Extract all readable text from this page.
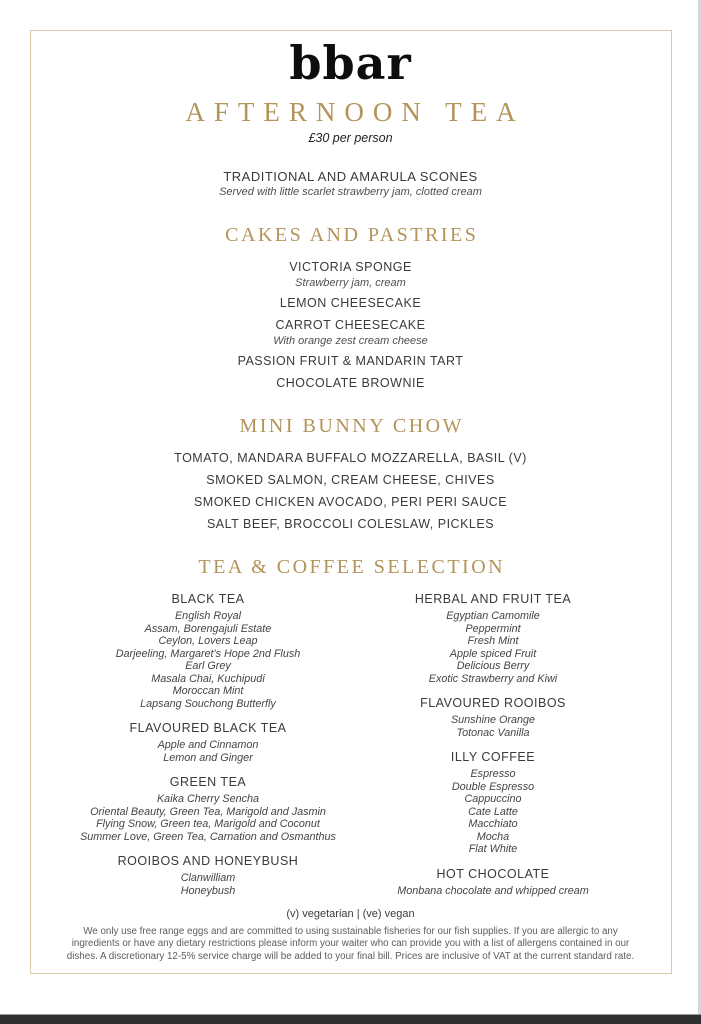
bbar
AFTERNOON TEA
£30 per person
TRADITIONAL AND AMARULA SCONES
Served with little scarlet strawberry jam, clotted cream
CAKES AND PASTRIES
VICTORIA SPONGE
Strawberry jam, cream
LEMON CHEESECAKE
CARROT CHEESECAKE
With orange zest cream cheese
PASSION FRUIT & MANDARIN TART
CHOCOLATE BROWNIE
MINI BUNNY CHOW
TOMATO, MANDARA BUFFALO MOZZARELLA, BASIL (V)
SMOKED SALMON, CREAM CHEESE, CHIVES
SMOKED CHICKEN AVOCADO, PERI PERI SAUCE
SALT BEEF, BROCCOLI COLESLAW, PICKLES
TEA & COFFEE SELECTION
BLACK TEA
English Royal
Assam, Borengajuli Estate
Ceylon, Lovers Leap
Darjeeling, Margaret's Hope 2nd Flush
Earl Grey
Masala Chai, Kuchipudi
Moroccan Mint
Lapsang Souchong Butterfly
FLAVOURED BLACK TEA
Apple and Cinnamon
Lemon and Ginger
GREEN TEA
Kaika Cherry Sencha
Oriental Beauty, Green Tea, Marigold and Jasmin
Flying Snow, Green tea, Marigold and Coconut
Summer Love, Green Tea, Carnation and Osmanthus
ROOIBOS AND HONEYBUSH
Clanwilliam
Honeybush
HERBAL AND FRUIT TEA
Egyptian Camomile
Peppermint
Fresh Mint
Apple spiced Fruit
Delicious Berry
Exotic Strawberry and Kiwi
FLAVOURED ROOIBOS
Sunshine Orange
Totonac Vanilla
ILLY COFFEE
Espresso
Double Espresso
Cappuccino
Cate Latte
Macchiato
Mocha
Flat White
HOT CHOCOLATE
Monbana chocolate and whipped cream
(v) vegetarian | (ve) vegan
We only use free range eggs and are committed to using sustainable fisheries for our fish supplies. If you are allergic to any ingredients or have any dietary restrictions please inform your waiter who can provide you with a list of allergens contained in our dishes. A discretionary 12-5% service charge will be added to your final bill. Prices are inclusive of VAT at the current standard rate.
